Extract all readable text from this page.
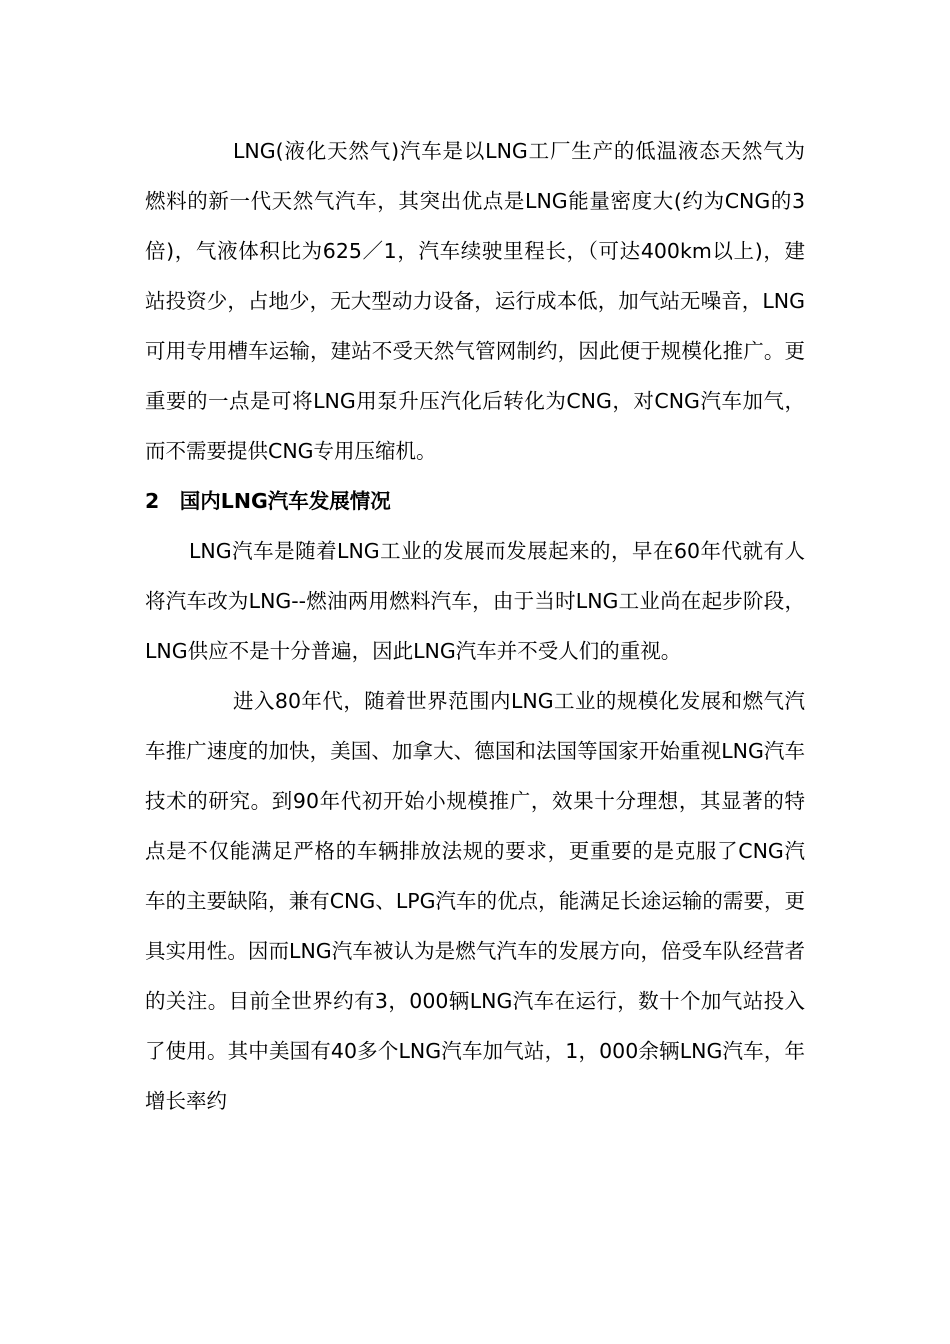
LNG(液化天然气)汽车是以LNG工厂生产的低温液态天然气为燃料的新一代天然气汽车，其突出优点是LNG能量密度大(约为CNG的3倍)，气液体积比为625／1，汽车续驶里程长，（可达400km以上)，建站投资少，占地少，无大型动力设备，运行成本低，加气站无噪音，LNG可用专用槽车运输，建站不受天然气管网制约，因此便于规模化推广。更重要的一点是可将LNG用泵升压汽化后转化为CNG，对CNG汽车加气，而不需要提供CNG专用压缩机。

2　国内LNG汽车发展情况

LNG汽车是随着LNG工业的发展而发展起来的，早在60年代就有人将汽车改为LNG--燃油两用燃料汽车，由于当时LNG工业尚在起步阶段，LNG供应不是十分普遍，因此LNG汽车并不受人们的重视。

进入80年代，随着世界范围内LNG工业的规模化发展和燃气汽车推广速度的加快，美国、加拿大、德国和法国等国家开始重视LNG汽车技术的研究。到90年代初开始小规模推广，效果十分理想，其显著的特点是不仅能满足严格的车辆排放法规的要求，更重要的是克服了CNG汽车的主要缺陷，兼有CNG、LPG汽车的优点，能满足长途运输的需要，更具实用性。因而LNG汽车被认为是燃气汽车的发展方向，倍受车队经营者的关注。目前全世界约有3，000辆LNG汽车在运行，数十个加气站投入了使用。其中美国有40多个LNG汽车加气站，1，000余辆LNG汽车，年增长率约
